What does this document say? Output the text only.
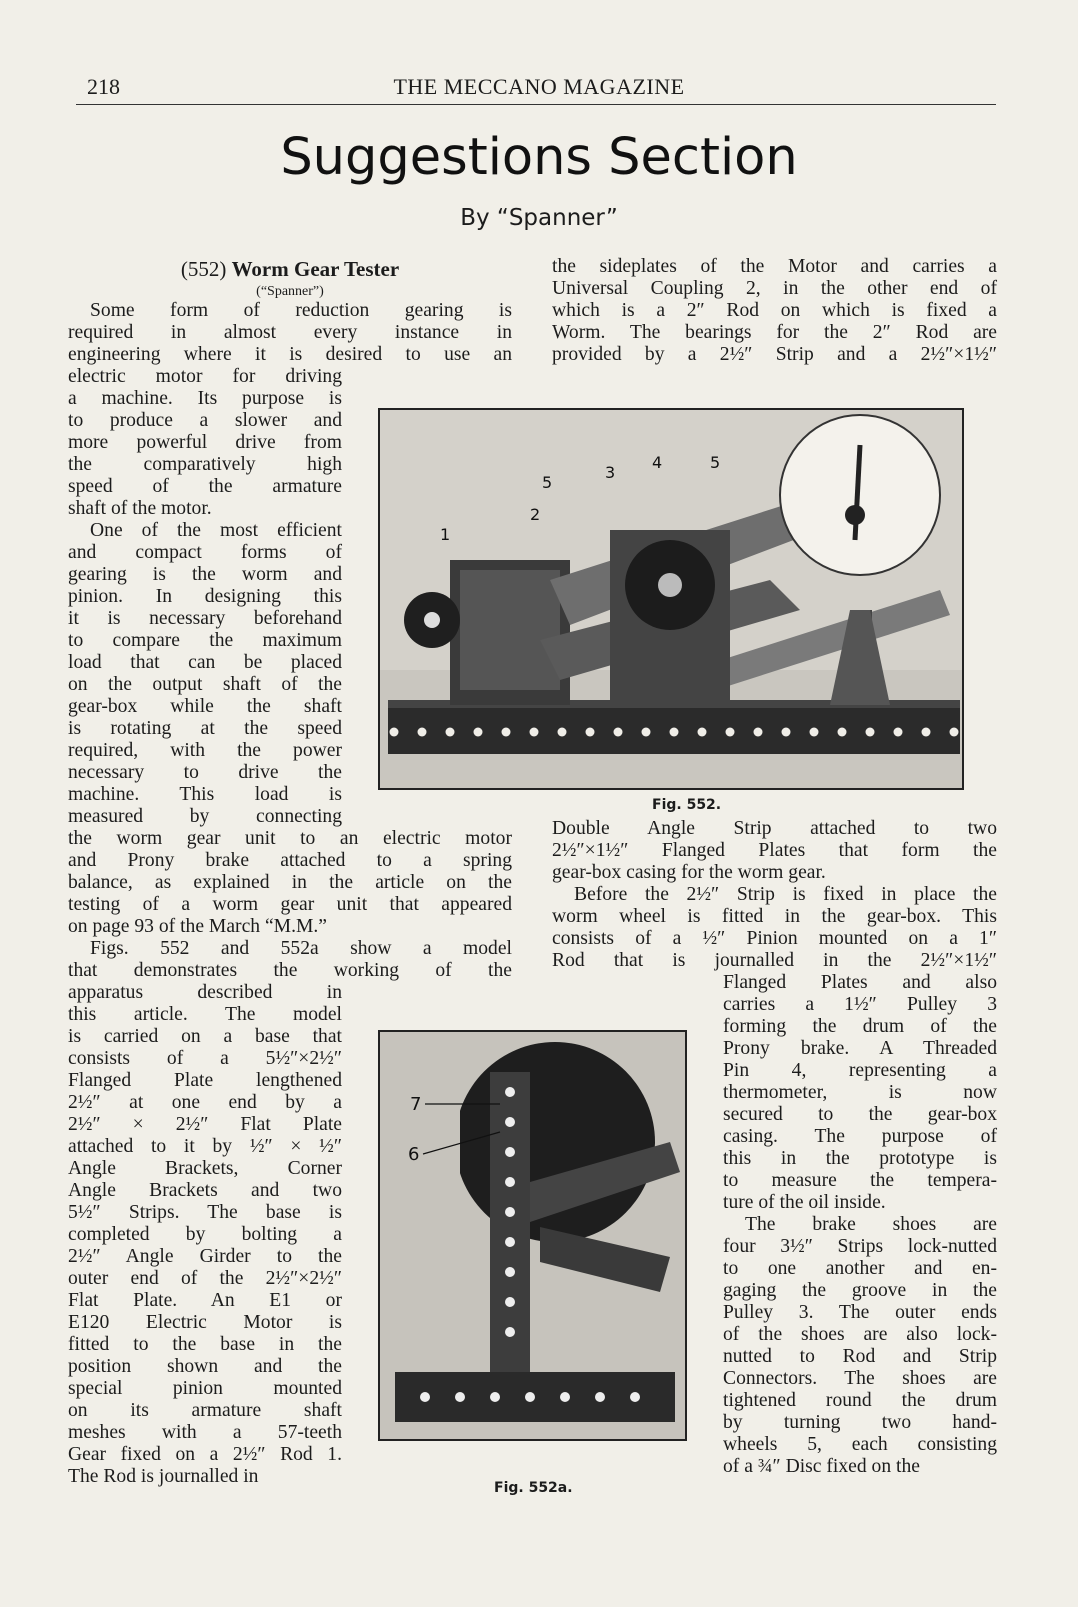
218	THE MECCANO MAGAZINE
Suggestions Section
By “Spanner”
(552) Worm Gear Tester
(“Spanner”)
Some form of reduction gearing is
required in almost every instance in
engineering where it is desired to use an
electric motor for driving
a machine. Its purpose is
to produce a slower and
more powerful drive from
the comparatively high
speed of the armature
shaft of the motor.
One of the most efficient
and compact forms of
gearing is the worm and
pinion. In designing this
it is necessary beforehand
to compare the maximum
load that can be placed
on the output shaft of the
gear-box while the shaft
is rotating at the speed
required, with the power
necessary to drive the
machine. This load is
measured by connecting
the worm gear unit to an electric motor
and Prony brake attached to a spring
balance, as explained in the article on the
testing of a worm gear unit that appeared
on page 93 of the March “M.M.”
Figs. 552 and 552a show a model
that demonstrates the working of the
apparatus described in
this article. The model
is carried on a base that
consists of a 5½″×2½″
Flanged Plate lengthened
2½″ at one end by a
2½″ × 2½″ Flat Plate
attached to it by ½″ × ½″
Angle Brackets, Corner
Angle Brackets and two
5½″ Strips. The base is
completed by bolting a
2½″ Angle Girder to the
outer end of the 2½″×2½″
Flat Plate. An E1 or
E120 Electric Motor is
fitted to the base in the
position shown and the
special pinion mounted
on its armature shaft
meshes with a 57-teeth
Gear fixed on a 2½″ Rod 1.
The Rod is journalled in
the sideplates of the Motor and carries a
Universal Coupling 2, in the other end of
which is a 2″ Rod on which is fixed a
Worm. The bearings for the 2″ Rod are
provided by a 2½″ Strip and a 2½″×1½″
Double Angle Strip attached to two
2½″×1½″ Flanged Plates that form the
gear-box casing for the worm gear.
Before the 2½″ Strip is fixed in place the
worm wheel is fitted in the gear-box. This
consists of a ½″ Pinion mounted on a 1″
Rod that is journalled in the 2½″×1½″
Flanged Plates and also
carries a 1½″ Pulley 3
forming the drum of the
Prony brake. A Threaded
Pin 4, representing a
thermometer, is now
secured to the gear-box
casing. The purpose of
this in the prototype is
to measure the tempera-
ture of the oil inside.
The brake shoes are
four 3½″ Strips lock-nutted
to one another and en-
gaging the groove in the
Pulley 3. The outer ends
of the shoes are also lock-
nutted to Rod and Strip
Connectors. The shoes are
tightened round the drum
by turning two hand-
wheels 5, each consisting
of a ¾″ Disc fixed on the
1
2
3
4
5
5
Fig. 552.
7
6
Fig. 552a.
